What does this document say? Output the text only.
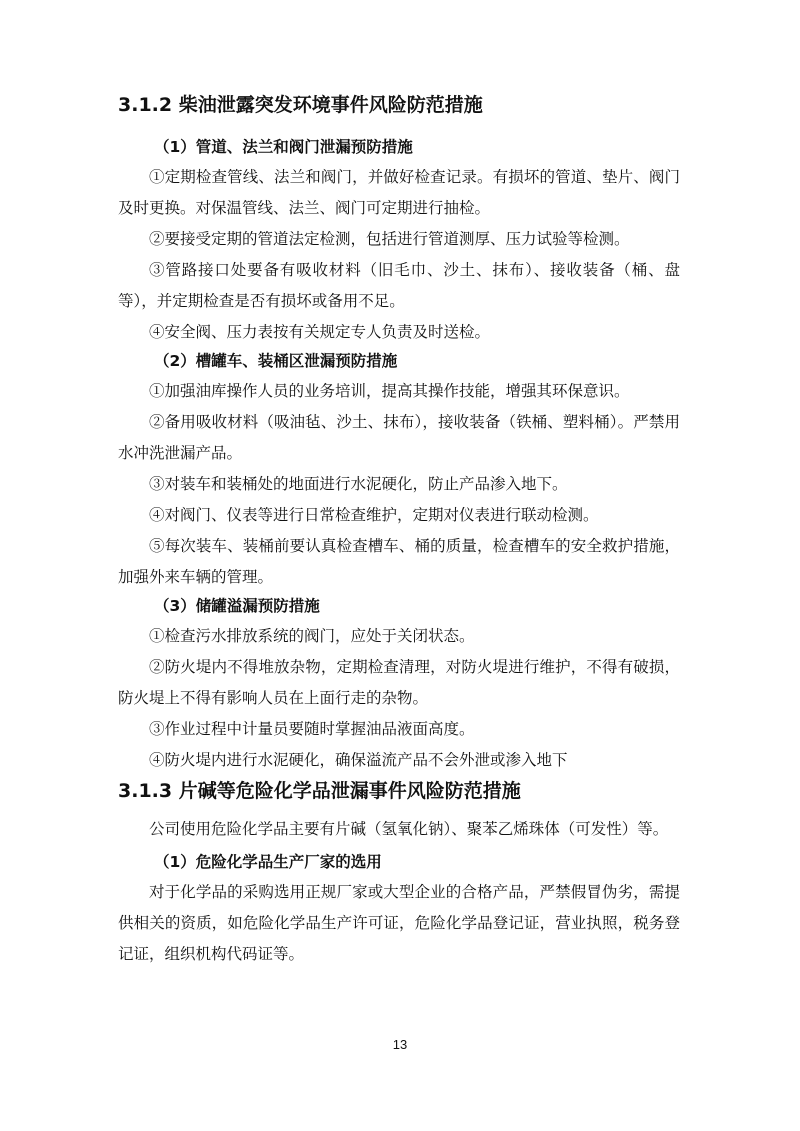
3.1.2 柴油泄露突发环境事件风险防范措施
（1）管道、法兰和阀门泄漏预防措施

①定期检查管线、法兰和阀门，并做好检查记录。有损坏的管道、垫片、阀门及时更换。对保温管线、法兰、阀门可定期进行抽检。

②要接受定期的管道法定检测，包括进行管道测厚、压力试验等检测。

③管路接口处要备有吸收材料（旧毛巾、沙土、抹布）、接收装备（桶、盘等），并定期检查是否有损坏或备用不足。

④安全阀、压力表按有关规定专人负责及时送检。

（2）槽罐车、装桶区泄漏预防措施

①加强油库操作人员的业务培训，提高其操作技能，增强其环保意识。

②备用吸收材料（吸油毡、沙土、抹布），接收装备（铁桶、塑料桶）。严禁用水冲洗泄漏产品。

③对装车和装桶处的地面进行水泥硬化，防止产品渗入地下。

④对阀门、仪表等进行日常检查维护，定期对仪表进行联动检测。

⑤每次装车、装桶前要认真检查槽车、桶的质量，检查槽车的安全救护措施，加强外来车辆的管理。

（3）储罐溢漏预防措施

①检查污水排放系统的阀门，应处于关闭状态。

②防火堤内不得堆放杂物，定期检查清理，对防火堤进行维护，不得有破损，防火堤上不得有影响人员在上面行走的杂物。

③作业过程中计量员要随时掌握油品液面高度。

④防火堤内进行水泥硬化，确保溢流产品不会外泄或渗入地下

3.1.3 片碱等危险化学品泄漏事件风险防范措施

公司使用危险化学品主要有片碱（氢氧化钠）、聚苯乙烯珠体（可发性）等。

（1）危险化学品生产厂家的选用

对于化学品的采购选用正规厂家或大型企业的合格产品，严禁假冒伪劣，需提供相关的资质，如危险化学品生产许可证，危险化学品登记证，营业执照，税务登记证，组织机构代码证等。

13
